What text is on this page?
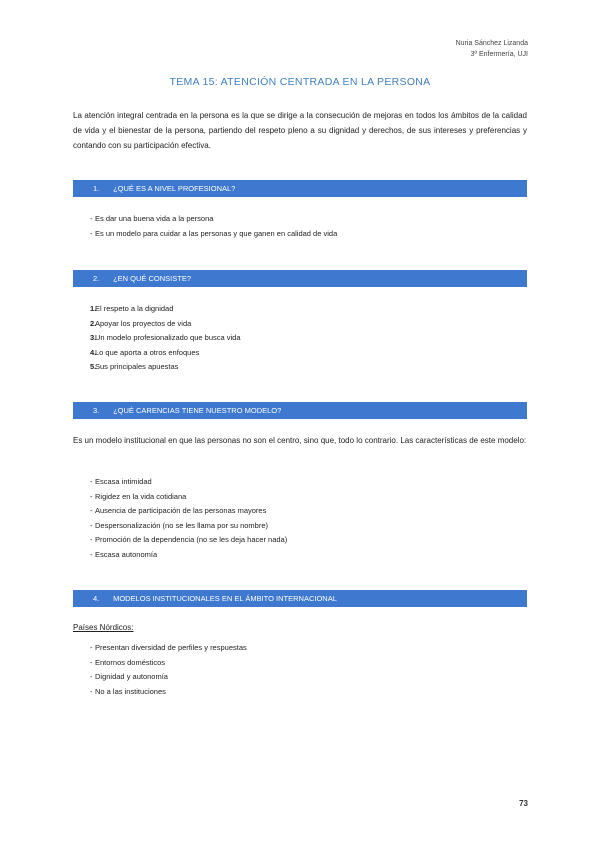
Nuria Sánchez Lizanda
3º Enfermería, UJI
TEMA 15: ATENCIÓN CENTRADA EN LA PERSONA
La atención integral centrada en la persona es la que se dirige a la consecución de mejoras en todos los ámbitos de la calidad de vida y el bienestar de la persona, partiendo del respeto pleno a su dignidad y derechos, de sus intereses y preferencias y contando con su participación efectiva.
1. ¿QUÉ ES A NIVEL PROFESIONAL?
- Es dar una buena vida a la persona
- Es un modelo para cuidar a las personas y que ganen en calidad de vida
2. ¿EN QUÉ CONSISTE?
1.
El respeto a la dignidad
2.
Apoyar los proyectos de vida
3.
Un modelo profesionalizado que busca vida
4.
Lo que aporta a otros enfoques
5.
Sus principales apuestas
3. ¿QUÉ CARENCIAS TIENE NUESTRO MODELO?
Es un modelo institucional en que las personas no son el centro, sino que, todo lo contrario. Las características de este modelo:
- Escasa intimidad
- Rigidez en la vida cotidiana
- Ausencia de participación de las personas mayores
- Despersonalización (no se les llama por su nombre)
- Promoción de la dependencia (no se les deja hacer nada)
- Escasa autonomía
4. MODELOS INSTITUCIONALES EN EL ÁMBITO INTERNACIONAL
Países Nórdicos:
- Presentan diversidad de perfiles y respuestas
- Entornos domésticos
- Dignidad y autonomía
- No a las instituciones
73
